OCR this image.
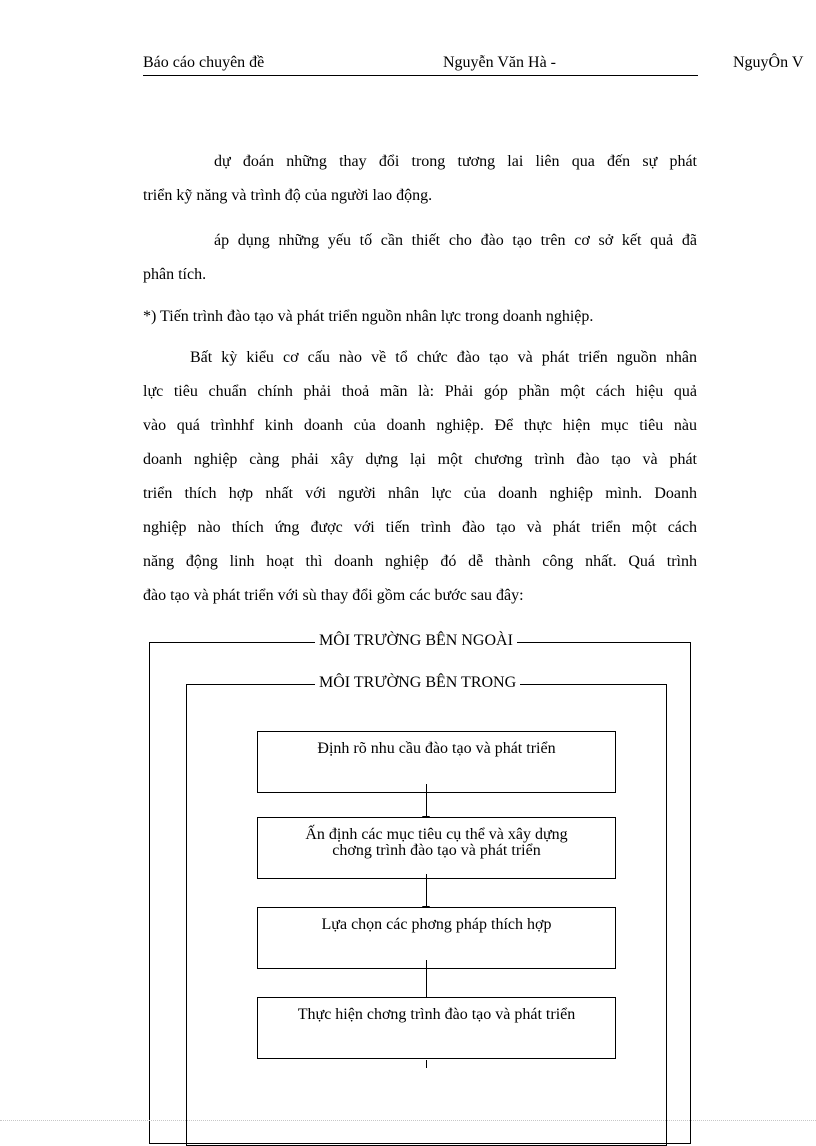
Báo cáo chuyên đề	Nguyễn Văn Hà -	NguyÔn V
dự đoán những thay đổi trong tương lai liên qua đến sự phát
triển kỹ năng và trình độ của người lao động.
áp dụng những yếu tố cần thiết cho đào tạo trên cơ sở kết quả đã
phân tích.
*) Tiến trình đào tạo và phát triển nguồn nhân lực trong doanh nghiệp.
Bất kỳ kiểu cơ cấu nào về tổ chức đào tạo và phát triển nguồn nhân
lực tiêu chuẩn chính phải thoả mãn là: Phải góp phần một cách hiệu quả
vào quá trìnhhf kinh doanh của doanh nghiệp. Để thực hiện mục tiêu nàu
doanh nghiệp càng phải xây dựng lại một chương trình đào tạo và phát
triển thích hợp nhất với người nhân lực của doanh nghiệp mình. Doanh
nghiệp nào thích ứng được với tiến trình đào tạo và phát triển một cách
năng động linh hoạt thì doanh nghiệp đó dễ thành công nhất. Quá trình
đào tạo và phát triển với sù thay đổi gồm các bước sau đây:
MÔI TRƯỜNG BÊN NGOÀI
MÔI TRƯỜNG BÊN TRONG
Định rõ nhu cầu đào tạo và phát triển
Ấn định các mục tiêu cụ thể và xây dựng
chơng trình đào tạo và phát triển
Lựa chọn các phơng pháp thích hợp
Thực hiện chơng trình đào tạo và phát triển
